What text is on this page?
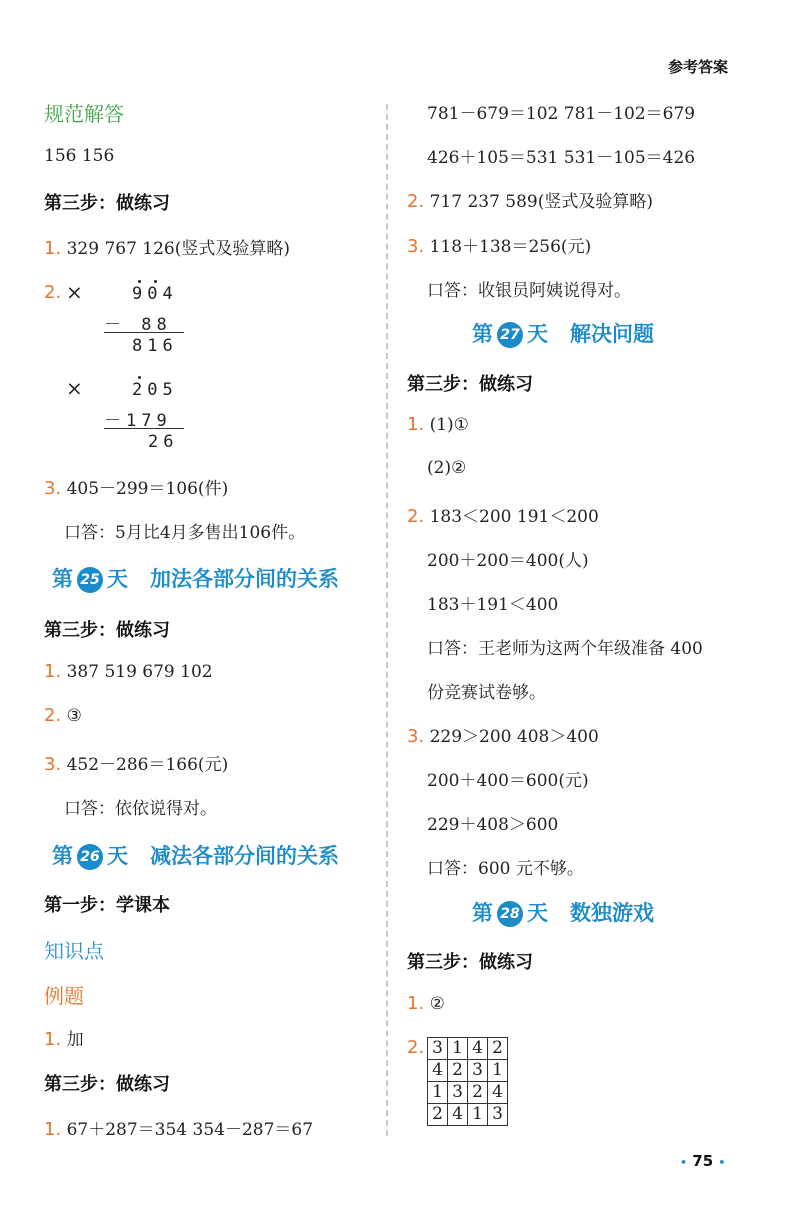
参考答案
规范解答
156 156
第三步：做练习
1. 329 767 126(竖式及验算略)
2. ×	904
－ 88
816
×	205
－179
26
3. 405－299＝106(件)
口答：5月比4月多售出106件。
第 25 天 加法各部分间的关系
第三步：做练习
1. 387 519 679 102
2. ③
3. 452－286＝166(元)
口答：依依说得对。
第 26 天 减法各部分间的关系
第一步：学课本
知识点
例题
1. 加
第三步：做练习
1. 67＋287＝354 354－287＝67
781－679＝102 781－102＝679
426＋105＝531 531－105＝426
2. 717 237 589(竖式及验算略)
3. 118＋138＝256(元)
口答：收银员阿姨说得对。
第 27 天 解决问题
第三步：做练习
1. (1)①
(2)②
2. 183＜200 191＜200
200＋200＝400(人)
183＋191＜400
口答：王老师为这两个年级准备 400
份竞赛试卷够。
3. 229＞200 408＞400
200＋400＝600(元)
229＋408＞600
口答：600 元不够。
第 28 天 数独游戏
第三步：做练习
1. ②
2. 3	1	4	2
4	2	3	1
1	3	2	4
2	4	1	3
• 75 •
